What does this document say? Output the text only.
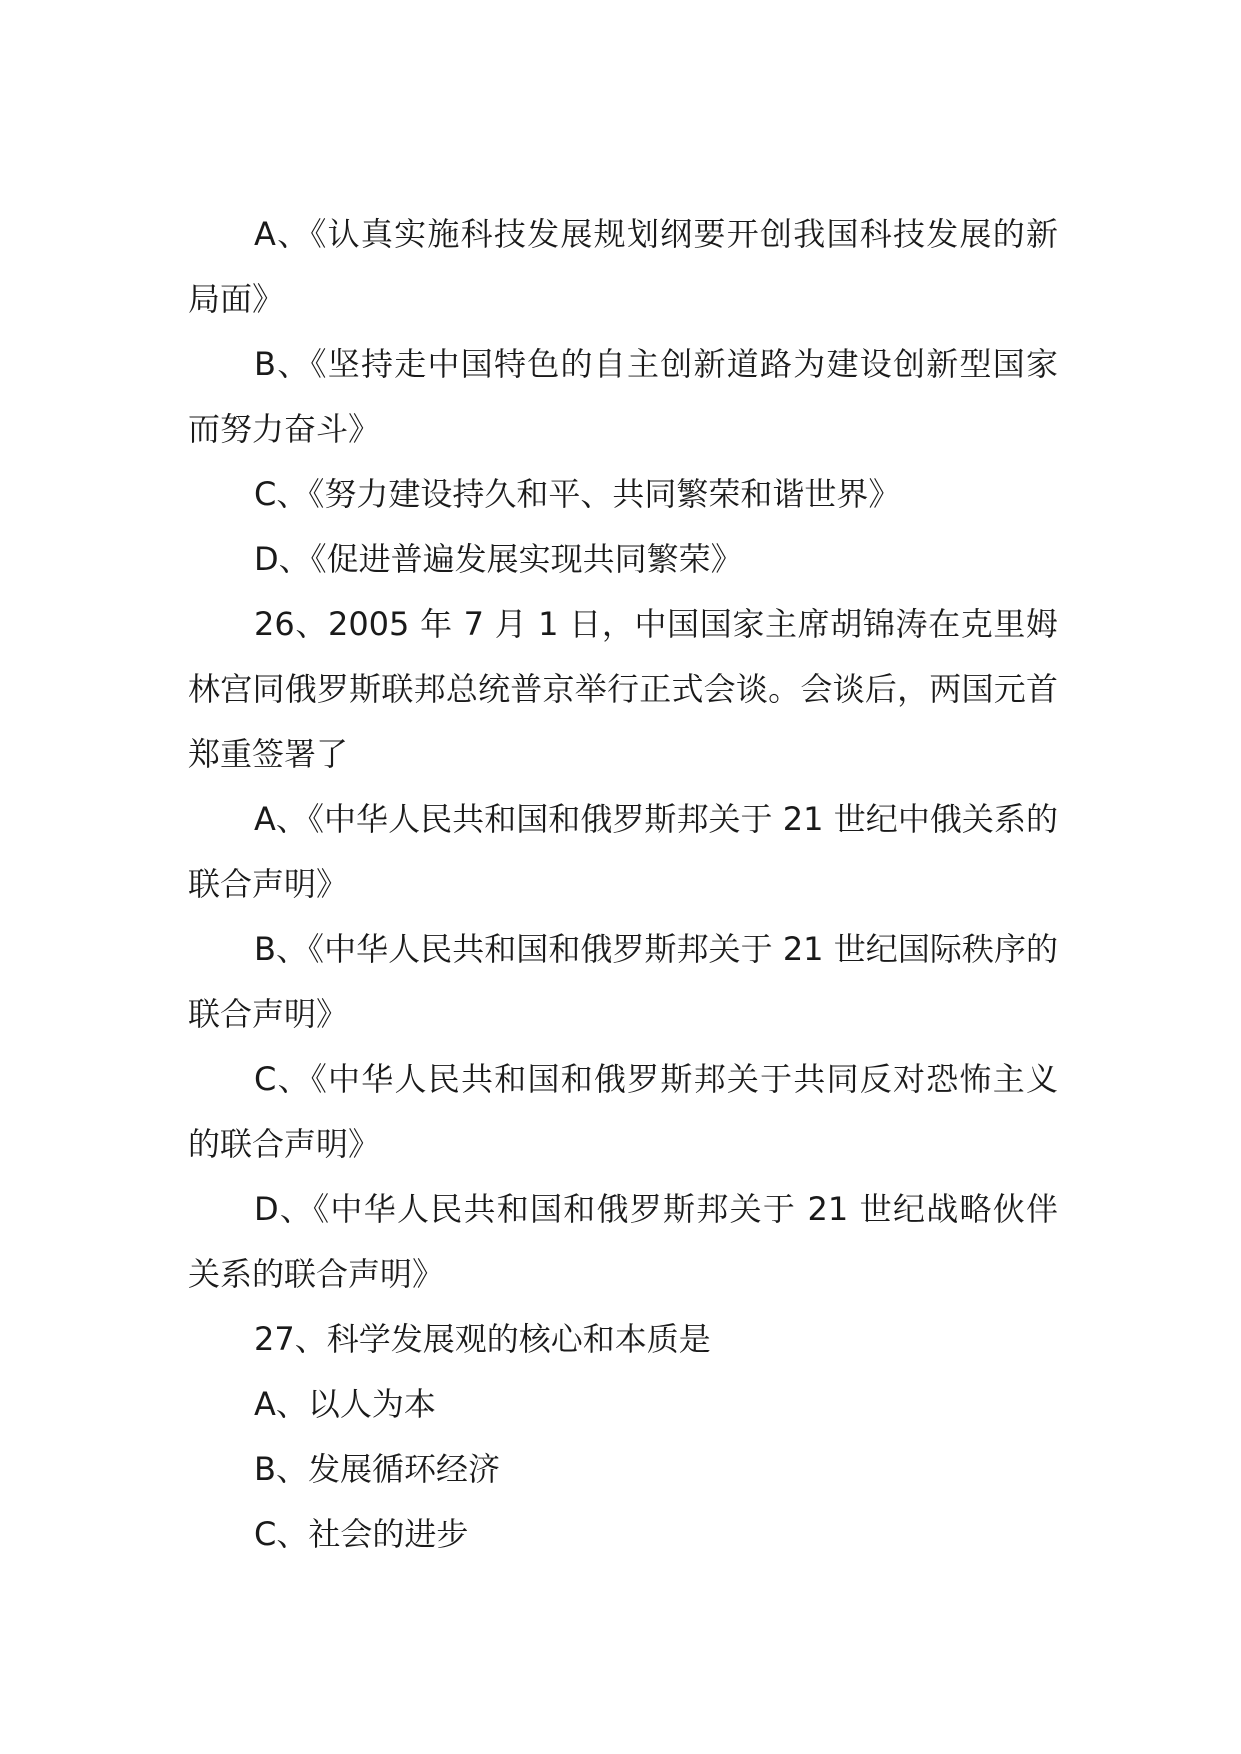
A、《认真实施科技发展规划纲要开创我国科技发展的新局面》

B、《坚持走中国特色的自主创新道路为建设创新型国家而努力奋斗》

C、《努力建设持久和平、共同繁荣和谐世界》

D、《促进普遍发展实现共同繁荣》

26、2005 年 7 月 1 日，中国国家主席胡锦涛在克里姆林宫同俄罗斯联邦总统普京举行正式会谈。会谈后，两国元首郑重签署了

A、《中华人民共和国和俄罗斯邦关于 21 世纪中俄关系的联合声明》

B、《中华人民共和国和俄罗斯邦关于 21 世纪国际秩序的联合声明》

C、《中华人民共和国和俄罗斯邦关于共同反对恐怖主义的联合声明》

D、《中华人民共和国和俄罗斯邦关于 21 世纪战略伙伴关系的联合声明》

27、科学发展观的核心和本质是

A、以人为本

B、发展循环经济

C、社会的进步
